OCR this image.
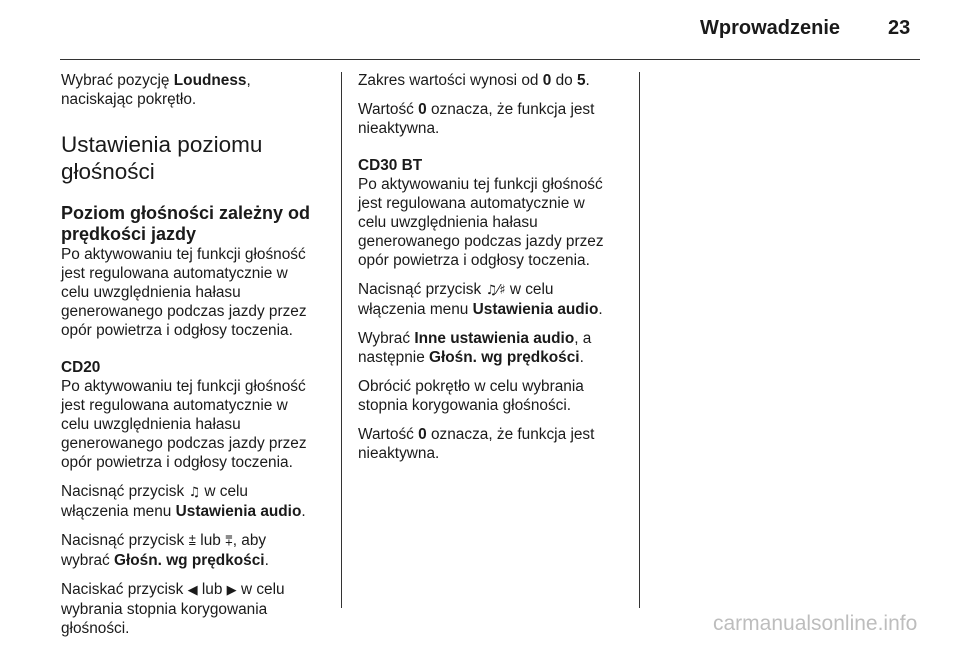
Wprowadzenie 23

Wybrać pozycję Loudness,
naciskając pokrętło.

Ustawienia poziomu
głośności
Poziom głośności zależny od
prędkości jazdy

Po aktywowaniu tej funkcji głośność
jest regulowana automatycznie w
celu uwzględnienia hałasu
generowanego podczas jazdy przez
opór powietrza i odgłosy toczenia.

CD20

Po aktywowaniu tej funkcji głośność
jest regulowana automatycznie w
celu uwzględnienia hałasu
generowanego podczas jazdy przez
opór powietrza i odgłosy toczenia.

Nacisnąć przycisk ♫ w celu
włączenia menu Ustawienia audio.

Nacisnąć przycisk ⩲ lub ⩱, aby
wybrać Głośn. wg prędkości.

Naciskać przycisk ◀ lub ▶ w celu
wybrania stopnia korygowania
głośności.

Zakres wartości wynosi od 0 do 5.

Wartość 0 oznacza, że funkcja jest
nieaktywna.

CD30 BT

Po aktywowaniu tej funkcji głośność
jest regulowana automatycznie w
celu uwzględnienia hałasu
generowanego podczas jazdy przez
opór powietrza i odgłosy toczenia.

Nacisnąć przycisk ♫⁄♯ w celu
włączenia menu Ustawienia audio.

Wybrać Inne ustawienia audio, a
następnie Głośn. wg prędkości.

Obrócić pokrętło w celu wybrania
stopnia korygowania głośności.

Wartość 0 oznacza, że funkcja jest
nieaktywna.

carmanualsonline.info
